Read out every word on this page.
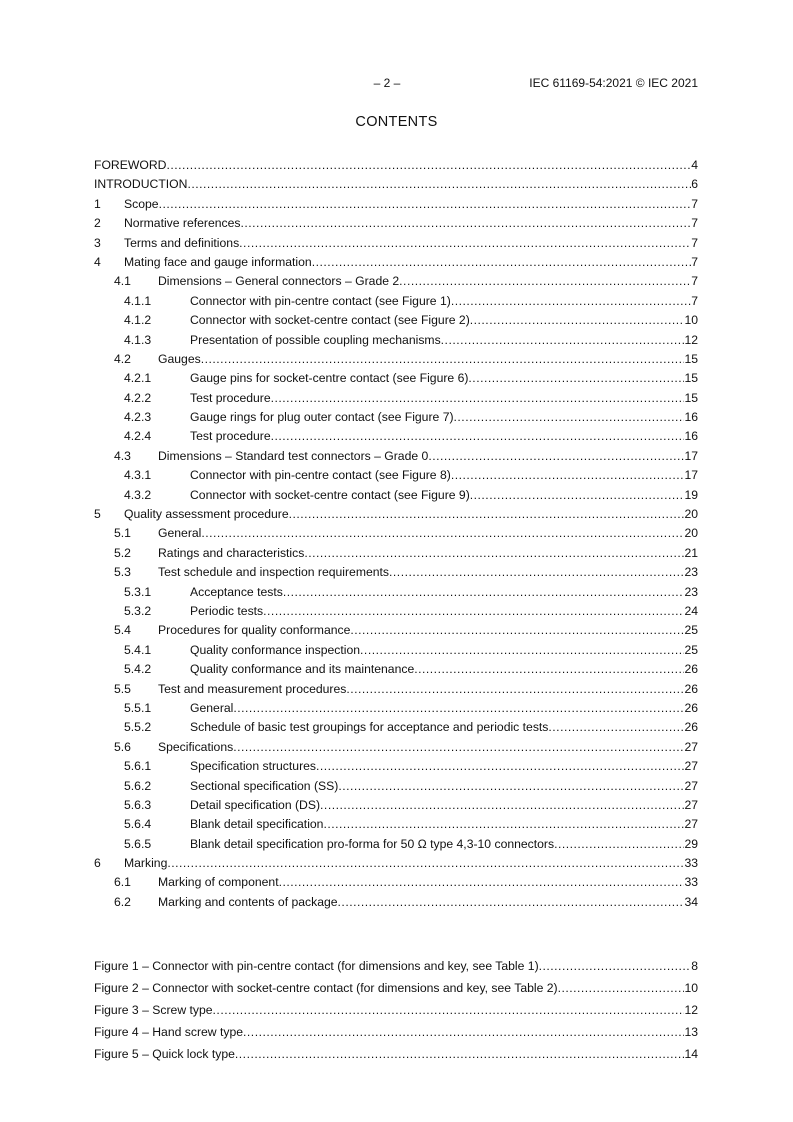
– 2 –	IEC 61169-54:2021 © IEC 2021
CONTENTS
FOREWORD .....	4
INTRODUCTION .....	6
1	Scope .....	7
2	Normative references .....	7
3	Terms and definitions .....	7
4	Mating face and gauge information .....	7
4.1	Dimensions – General connectors – Grade 2 .....	7
4.1.1	Connector with pin-centre contact (see Figure 1) .....	7
4.1.2	Connector with socket-centre contact (see Figure 2) .....	10
4.1.3	Presentation of possible coupling mechanisms .....	12
4.2	Gauges .....	15
4.2.1	Gauge pins for socket-centre contact (see Figure 6) .....	15
4.2.2	Test procedure .....	15
4.2.3	Gauge rings for plug outer contact (see Figure 7) .....	16
4.2.4	Test procedure .....	16
4.3	Dimensions – Standard test connectors – Grade 0 .....	17
4.3.1	Connector with pin-centre contact (see Figure 8) .....	17
4.3.2	Connector with socket-centre contact (see Figure 9) .....	19
5	Quality assessment procedure .....	20
5.1	General .....	20
5.2	Ratings and characteristics .....	21
5.3	Test schedule and inspection requirements .....	23
5.3.1	Acceptance tests .....	23
5.3.2	Periodic tests .....	24
5.4	Procedures for quality conformance .....	25
5.4.1	Quality conformance inspection .....	25
5.4.2	Quality conformance and its maintenance .....	26
5.5	Test and measurement procedures .....	26
5.5.1	General .....	26
5.5.2	Schedule of basic test groupings for acceptance and periodic tests .....	26
5.6	Specifications .....	27
5.6.1	Specification structures .....	27
5.6.2	Sectional specification (SS) .....	27
5.6.3	Detail specification (DS) .....	27
5.6.4	Blank detail specification .....	27
5.6.5	Blank detail specification pro-forma for 50 Ω type 4,3-10 connectors .....	29
6	Marking .....	33
6.1	Marking of component .....	33
6.2	Marking and contents of package .....	34
Figure 1 – Connector with pin-centre contact (for dimensions and key, see Table 1) .....	8
Figure 2 – Connector with socket-centre contact (for dimensions and key, see Table 2) .....	10
Figure 3 – Screw type .....	12
Figure 4 – Hand screw type .....	13
Figure 5 – Quick lock type .....	14
